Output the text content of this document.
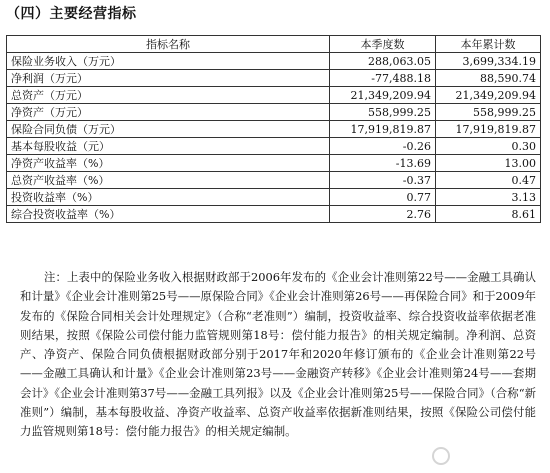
（四）主要经营指标
指标名称	本季度数	本年累计数
保险业务收入（万元）	288,063.05	3,699,334.19
净利润（万元）	-77,488.18	88,590.74
总资产（万元）	21,349,209.94	21,349,209.94
净资产（万元）	558,999.25	558,999.25
保险合同负债（万元）	17,919,819.87	17,919,819.87
基本每股收益（元）	-0.26	0.30
净资产收益率（%）	-13.69	13.00
总资产收益率（%）	-0.37	0.47
投资收益率（%）	0.77	3.13
综合投资收益率（%）	2.76	8.61
注：上表中的保险业务收入根据财政部于2006年发布的《企业会计准则第22号——金融工具确认和计量》《企业会计准则第25号——原保险合同》《企业会计准则第26号——再保险合同》和于2009年发布的《保险合同相关会计处理规定》（合称“老准则”）编制，投资收益率、综合投资收益率依据老准则结果，按照《保险公司偿付能力监管规则第18号：偿付能力报告》的相关规定编制。净利润、总资产、净资产、保险合同负债根据财政部分别于2017年和2020年修订颁布的《企业会计准则第22号——金融工具确认和计量》《企业会计准则第23号——金融资产转移》《企业会计准则第24号——套期会计》《企业会计准则第37号——金融工具列报》以及《企业会计准则第25号——保险合同》（合称“新准则”）编制，基本每股收益、净资产收益率、总资产收益率依据新准则结果，按照《保险公司偿付能力监管规则第18号：偿付能力报告》的相关规定编制。
